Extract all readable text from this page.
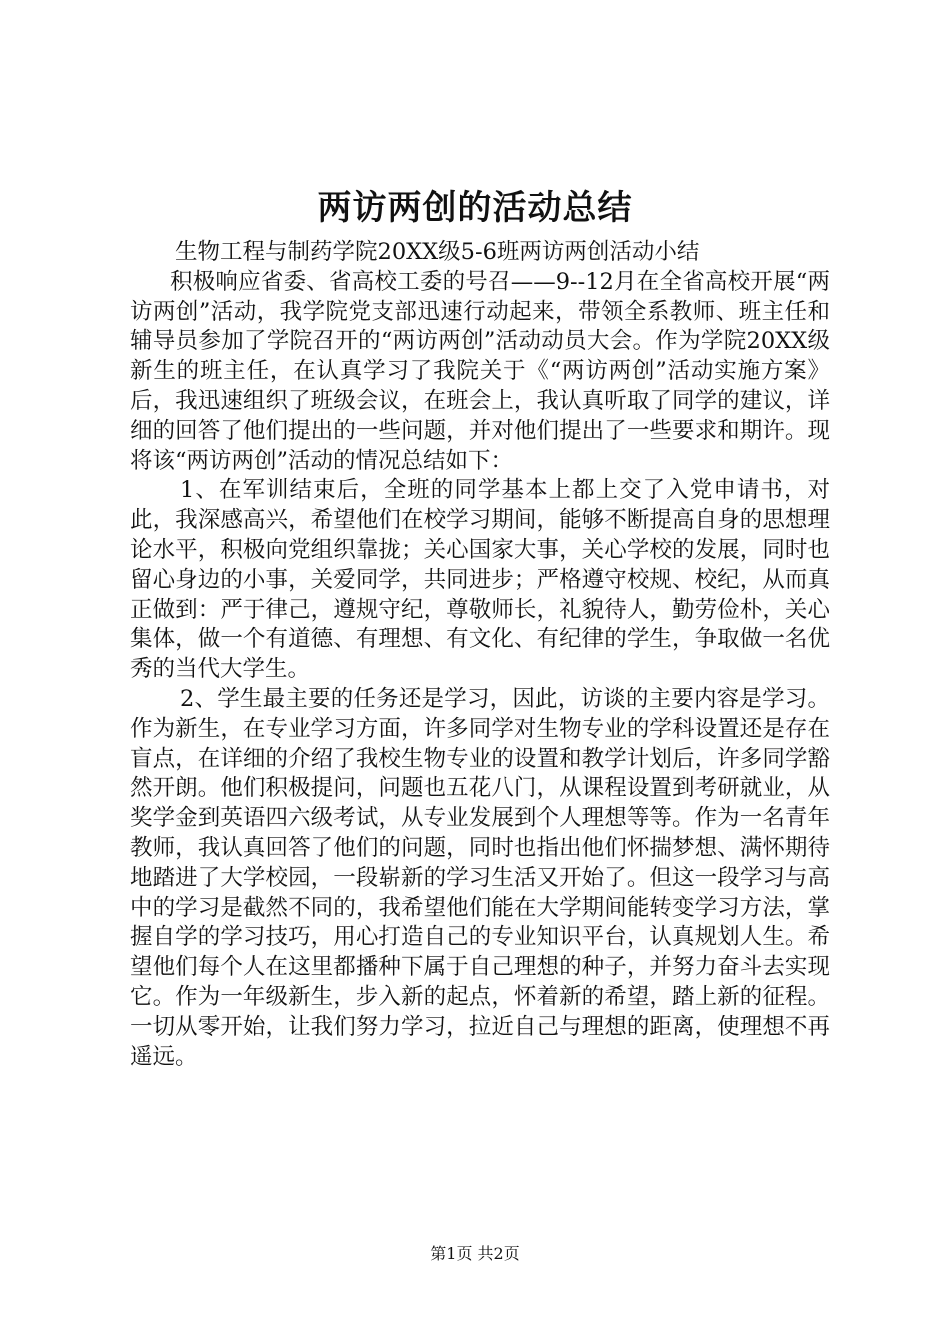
两访两创的活动总结

生物工程与制药学院20XX级5-6班两访两创活动小结

积极响应省委、省高校工委的号召——9--12月在全省高校开展“两访两创”活动，我学院党支部迅速行动起来，带领全系教师、班主任和辅导员参加了学院召开的“两访两创”活动动员大会。作为学院20XX级新生的班主任，在认真学习了我院关于《“两访两创”活动实施方案》后，我迅速组织了班级会议，在班会上，我认真听取了同学的建议，详细的回答了他们提出的一些问题，并对他们提出了一些要求和期许。现将该“两访两创”活动的情况总结如下：

1、在军训结束后，全班的同学基本上都上交了入党申请书，对此，我深感高兴，希望他们在校学习期间，能够不断提高自身的思想理论水平，积极向党组织靠拢；关心国家大事，关心学校的发展，同时也留心身边的小事，关爱同学，共同进步；严格遵守校规、校纪，从而真正做到：严于律己，遵规守纪，尊敬师长，礼貌待人，勤劳俭朴，关心集体，做一个有道德、有理想、有文化、有纪律的学生，争取做一名优秀的当代大学生。

2、学生最主要的任务还是学习，因此，访谈的主要内容是学习。作为新生，在专业学习方面，许多同学对生物专业的学科设置还是存在盲点，在详细的介绍了我校生物专业的设置和教学计划后，许多同学豁然开朗。他们积极提问，问题也五花八门，从课程设置到考研就业，从奖学金到英语四六级考试，从专业发展到个人理想等等。作为一名青年教师，我认真回答了他们的问题，同时也指出他们怀揣梦想、满怀期待地踏进了大学校园，一段崭新的学习生活又开始了。但这一段学习与高中的学习是截然不同的，我希望他们能在大学期间能转变学习方法，掌握自学的学习技巧，用心打造自己的专业知识平台，认真规划人生。希望他们每个人在这里都播种下属于自己理想的种子，并努力奋斗去实现它。作为一年级新生，步入新的起点，怀着新的希望，踏上新的征程。一切从零开始，让我们努力学习，拉近自己与理想的距离，使理想不再遥远。

第1页 共2页
